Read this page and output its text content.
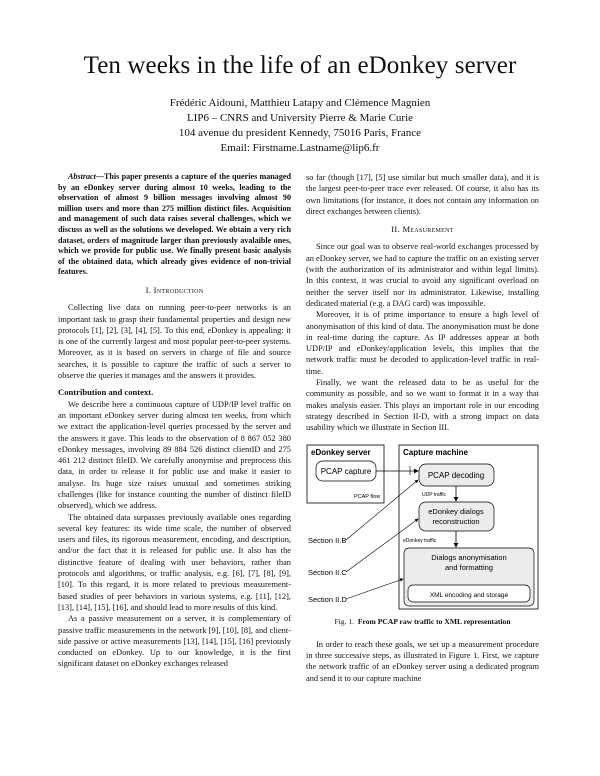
Ten weeks in the life of an eDonkey server
Frédéric Aidouni, Matthieu Latapy and Clémence Magnien
LIP6 – CNRS and University Pierre & Marie Curie
104 avenue du president Kennedy, 75016 Paris, France
Email: Firstname.Lastname@lip6.fr

Abstract—This paper presents a capture of the queries managed by an eDonkey server during almost 10 weeks, leading to the observation of almost 9 billion messages involving almost 90 million users and more than 275 million distinct files. Acquisition and management of such data raises several challenges, which we discuss as well as the solutions we developed. We obtain a very rich dataset, orders of magnitude larger than previously avalaible ones, which we provide for public use. We finally present basic analysis of the obtained data, which already gives evidence of non-trivial features.

I. Introduction

Collecting live data on running peer-to-peer networks is an important task to grasp their fundamental properties and design new protocols [1], [2], [3], [4], [5]. To this end, eDonkey is appealing: it is one of the currently largest and most popular peer-to-peer systems. Moreover, as it is based on servers in charge of file and source searches, it is possible to capture the traffic of such a server to observe the queries it manages and the answers it provides.

Contribution and context.

We describe here a continuous capture of UDP/IP level traffic on an important eDonkey server during almost ten weeks, from which we extract the application-level queries processed by the server and the answers it gave. This leads to the observation of 8 867 052 380 eDonkey messages, involving 89 884 526 distinct clientID and 275 461 212 distinct fileID. We carefully anonymise and preprocess this data, in order to release it for public use and make it easier to analyse. Its huge size raises unusual and sometimes striking challenges (like for instance counting the number of distinct fileID observed), which we address.

The obtained data surpasses previously available ones regarding several key features: its wide time scale, the number of observed users and files, its rigorous measurement, encoding, and description, and/or the fact that it is released for public use. It also has the distinctive feature of dealing with user behaviors, rather than protocols and algorithms, or traffic analysis, e.g. [6], [7], [8], [9], [10]. To this regard, it is more related to previous measurement-based studies of peer behaviors in various systems, e.g. [11], [12], [13], [14], [15], [16], and should lead to more results of this kind.

As a passive measurement on a server, it is complementary of passive traffic measurements in the network [9], [10], [8], and client-side passive or active measurements [13], [14], [15], [16] previously conducted on eDonkey. Up to our knowledge, it is the first significant dataset on eDonkey exchanges released

so far (though [17], [5] use similar but much smaller data), and it is the largest peer-to-peer trace ever released. Of course, it also has its own limitations (for instance, it does not contain any information on direct exchanges between clients).

II. Measurement

Since our goal was to observe real-world exchanges processed by an eDonkey server, we had to capture the traffic on an existing server (with the authorization of its administrator and within legal limits). In this context, it was crucial to avoid any significant overload on neither the server itself nor its administrator. Likewise, installing dedicated material (e.g. a DAG card) was impossible.

Moreover, it is of prime importance to ensure a high level of anonymisation of this kind of data. The anonymisation must be done in real-time during the capture. As IP addresses appear at both UDP/IP and eDonkey/application levels, this implies that the network traffic must be decoded to application-level traffic in real-time.

Finally, we want the released data to be as useful for the community as possible, and so we want to format it in a way that makes analysis easier. This plays an important role in our encoding strategy described in Section II-D, with a strong impact on data usability which we illustrate in Section III.

eDonkey server
PCAP capture
Capture machine
PCAP decoding
UDP traffic
eDonkey dialogs
reconstruction
eDonkey traffic
Dialogs anonymisation
and formatting
XML encoding and storage
PCAP flow
Section II.B
Section II.C
Section II.D
Fig. 1. From PCAP raw traffic to XML representation

In order to reach these goals, we set up a measurement procedure in three successive steps, as illustrated in Figure 1. First, we capture the network traffic of an eDonkey server using a dedicated program and send it to our capture machine
